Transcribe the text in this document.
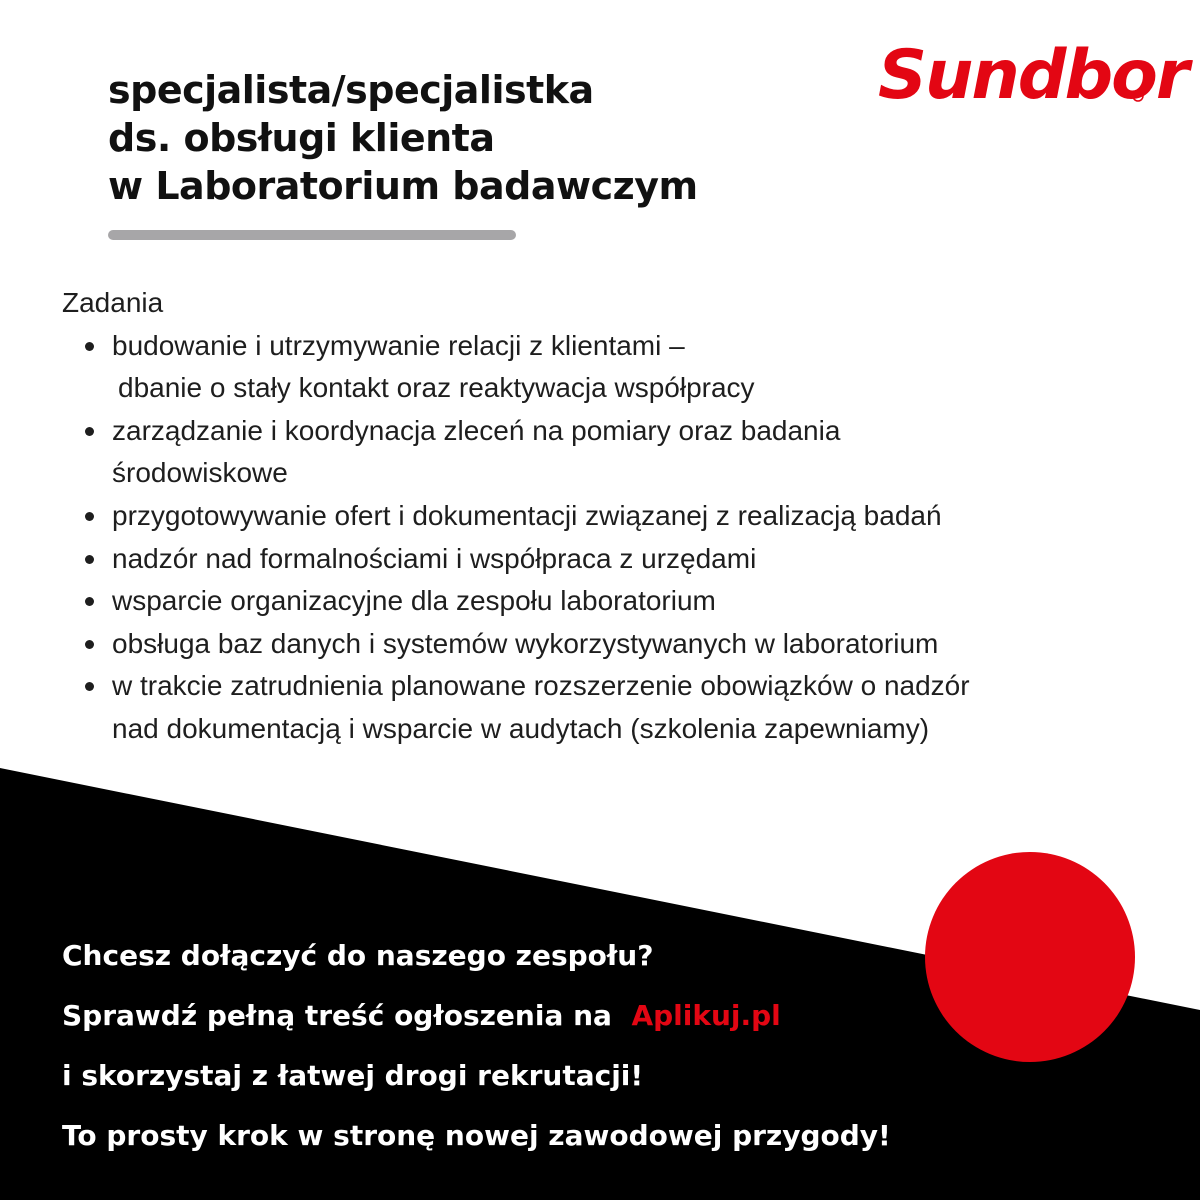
Sundbor
specjalista/specjalistka
ds. obsługi klienta
w Laboratorium badawczym
Zadania
budowanie i utrzymywanie relacji z klientami –
dbanie o stały kontakt oraz reaktywacja współpracy
zarządzanie i koordynacja zleceń na pomiary oraz badania
środowiskowe
przygotowywanie ofert i dokumentacji związanej z realizacją badań
nadzór nad formalnościami i współpraca z urzędami
wsparcie organizacyjne dla zespołu laboratorium
obsługa baz danych i systemów wykorzystywanych w laboratorium
w trakcie zatrudnienia planowane rozszerzenie obowiązków o nadzór
nad dokumentacją i wsparcie w audytach (szkolenia zapewniamy)
Chcesz dołączyć do naszego zespołu?
Sprawdź pełną treść ogłoszenia na Aplikuj.pl
i skorzystaj z łatwej drogi rekrutacji!
To prosty krok w stronę nowej zawodowej przygody!
